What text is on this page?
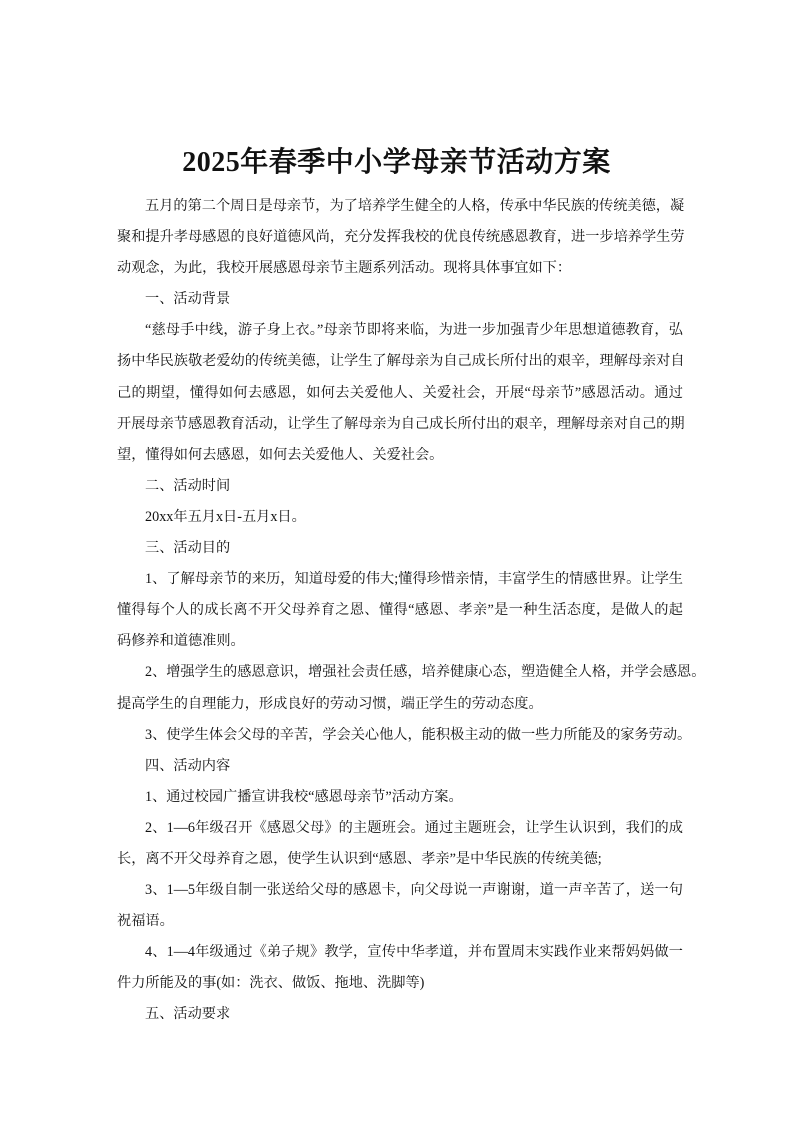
2025年春季中小学母亲节活动方案
五月的第二个周日是母亲节，为了培养学生健全的人格，传承中华民族的传统美德，凝
聚和提升孝母感恩的良好道德风尚，充分发挥我校的优良传统感恩教育，进一步培养学生劳
动观念，为此，我校开展感恩母亲节主题系列活动。现将具体事宜如下：
一、活动背景
“慈母手中线，游子身上衣。”母亲节即将来临，为进一步加强青少年思想道德教育，弘
扬中华民族敬老爱幼的传统美德，让学生了解母亲为自己成长所付出的艰辛，理解母亲对自
己的期望，懂得如何去感恩，如何去关爱他人、关爱社会，开展“母亲节”感恩活动。通过
开展母亲节感恩教育活动，让学生了解母亲为自己成长所付出的艰辛，理解母亲对自己的期
望，懂得如何去感恩，如何去关爱他人、关爱社会。
二、活动时间
20xx年五月x日-五月x日。
三、活动目的
1、了解母亲节的来历，知道母爱的伟大;懂得珍惜亲情，丰富学生的情感世界。让学生
懂得每个人的成长离不开父母养育之恩、懂得“感恩、孝亲”是一种生活态度，是做人的起
码修养和道德准则。
2、增强学生的感恩意识，增强社会责任感，培养健康心态，塑造健全人格，并学会感恩。
提高学生的自理能力，形成良好的劳动习惯，端正学生的劳动态度。
3、使学生体会父母的辛苦，学会关心他人，能积极主动的做一些力所能及的家务劳动。
四、活动内容
1、通过校园广播宣讲我校“感恩母亲节”活动方案。
2、1—6年级召开《感恩父母》的主题班会。通过主题班会，让学生认识到，我们的成
长，离不开父母养育之恩，使学生认识到“感恩、孝亲”是中华民族的传统美德;
3、1—5年级自制一张送给父母的感恩卡，向父母说一声谢谢，道一声辛苦了，送一句
祝福语。
4、1—4年级通过《弟子规》教学，宣传中华孝道，并布置周末实践作业来帮妈妈做一
件力所能及的事(如：洗衣、做饭、拖地、洗脚等)
五、活动要求
